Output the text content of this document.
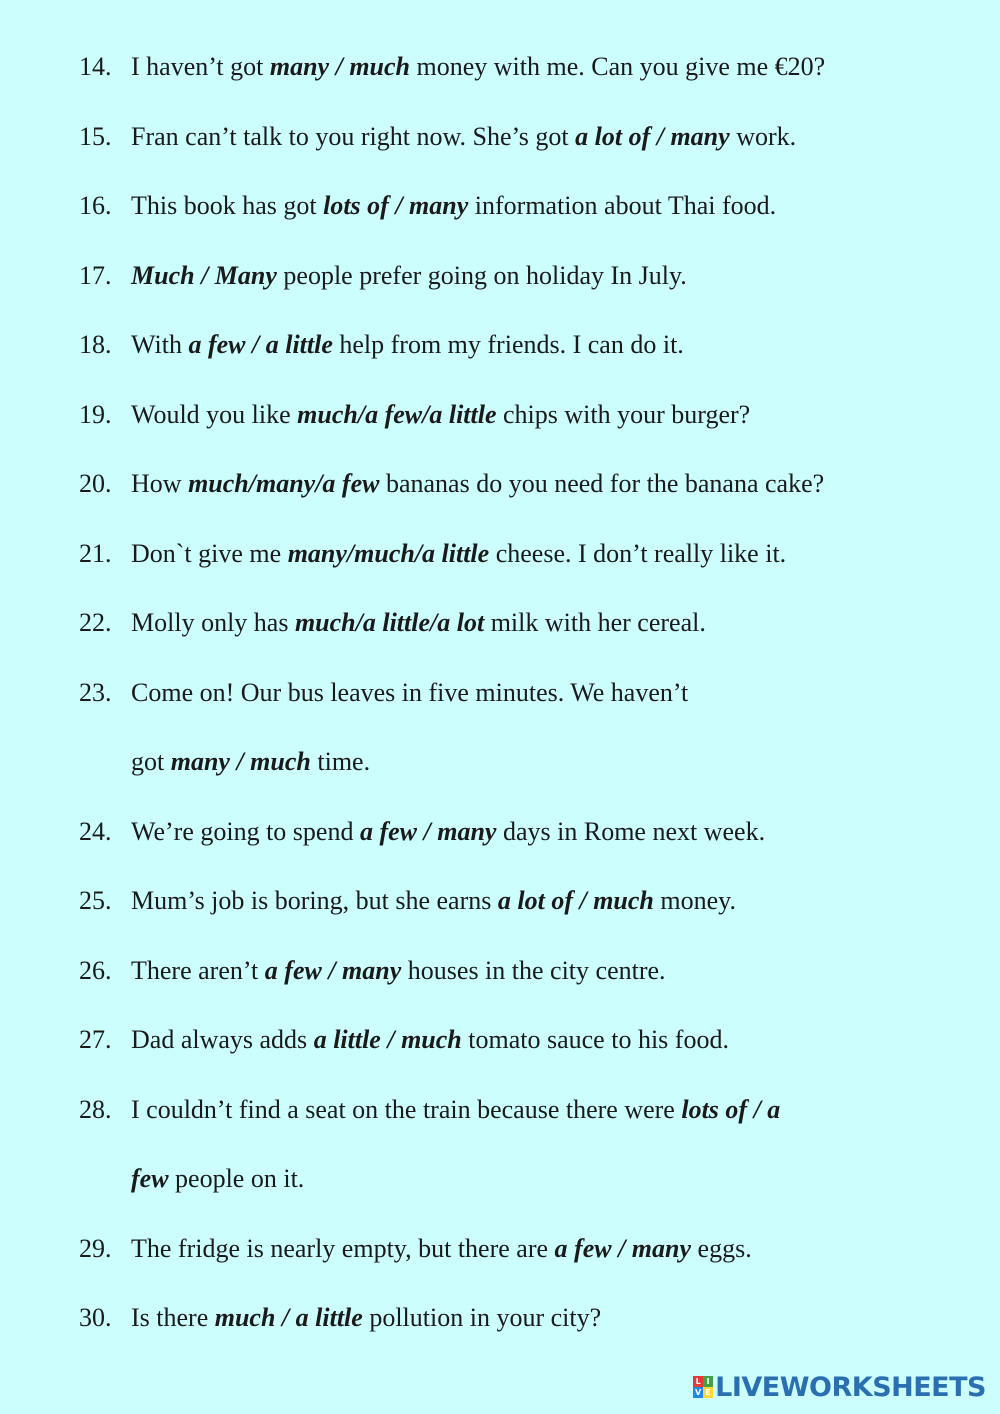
14. I haven’t got many / much money with me. Can you give me €20?
15. Fran can’t talk to you right now. She’s got a lot of / many work.
16. This book has got lots of / many information about Thai food.
17. Much / Many people prefer going on holiday In July.
18. With a few / a little help from my friends. I can do it.
19. Would you like much/a few/a little chips with your burger?
20. How much/many/a few bananas do you need for the banana cake?
21. Don`t give me many/much/a little cheese. I don’t really like it.
22. Molly only has much/a little/a lot milk with her cereal.
23. Come on! Our bus leaves in five minutes. We haven’t
got many / much time.
24. We’re going to spend a few / many days in Rome next week.
25. Mum’s job is boring, but she earns a lot of / much money.
26. There aren’t a few / many houses in the city centre.
27. Dad always adds a little / much tomato sauce to his food.
28. I couldn’t find a seat on the train because there were lots of / a
few people on it.
29. The fridge is nearly empty, but there are a few / many eggs.
30. Is there much / a little pollution in your city?
L I
V E LIVEWORKSHEETS
